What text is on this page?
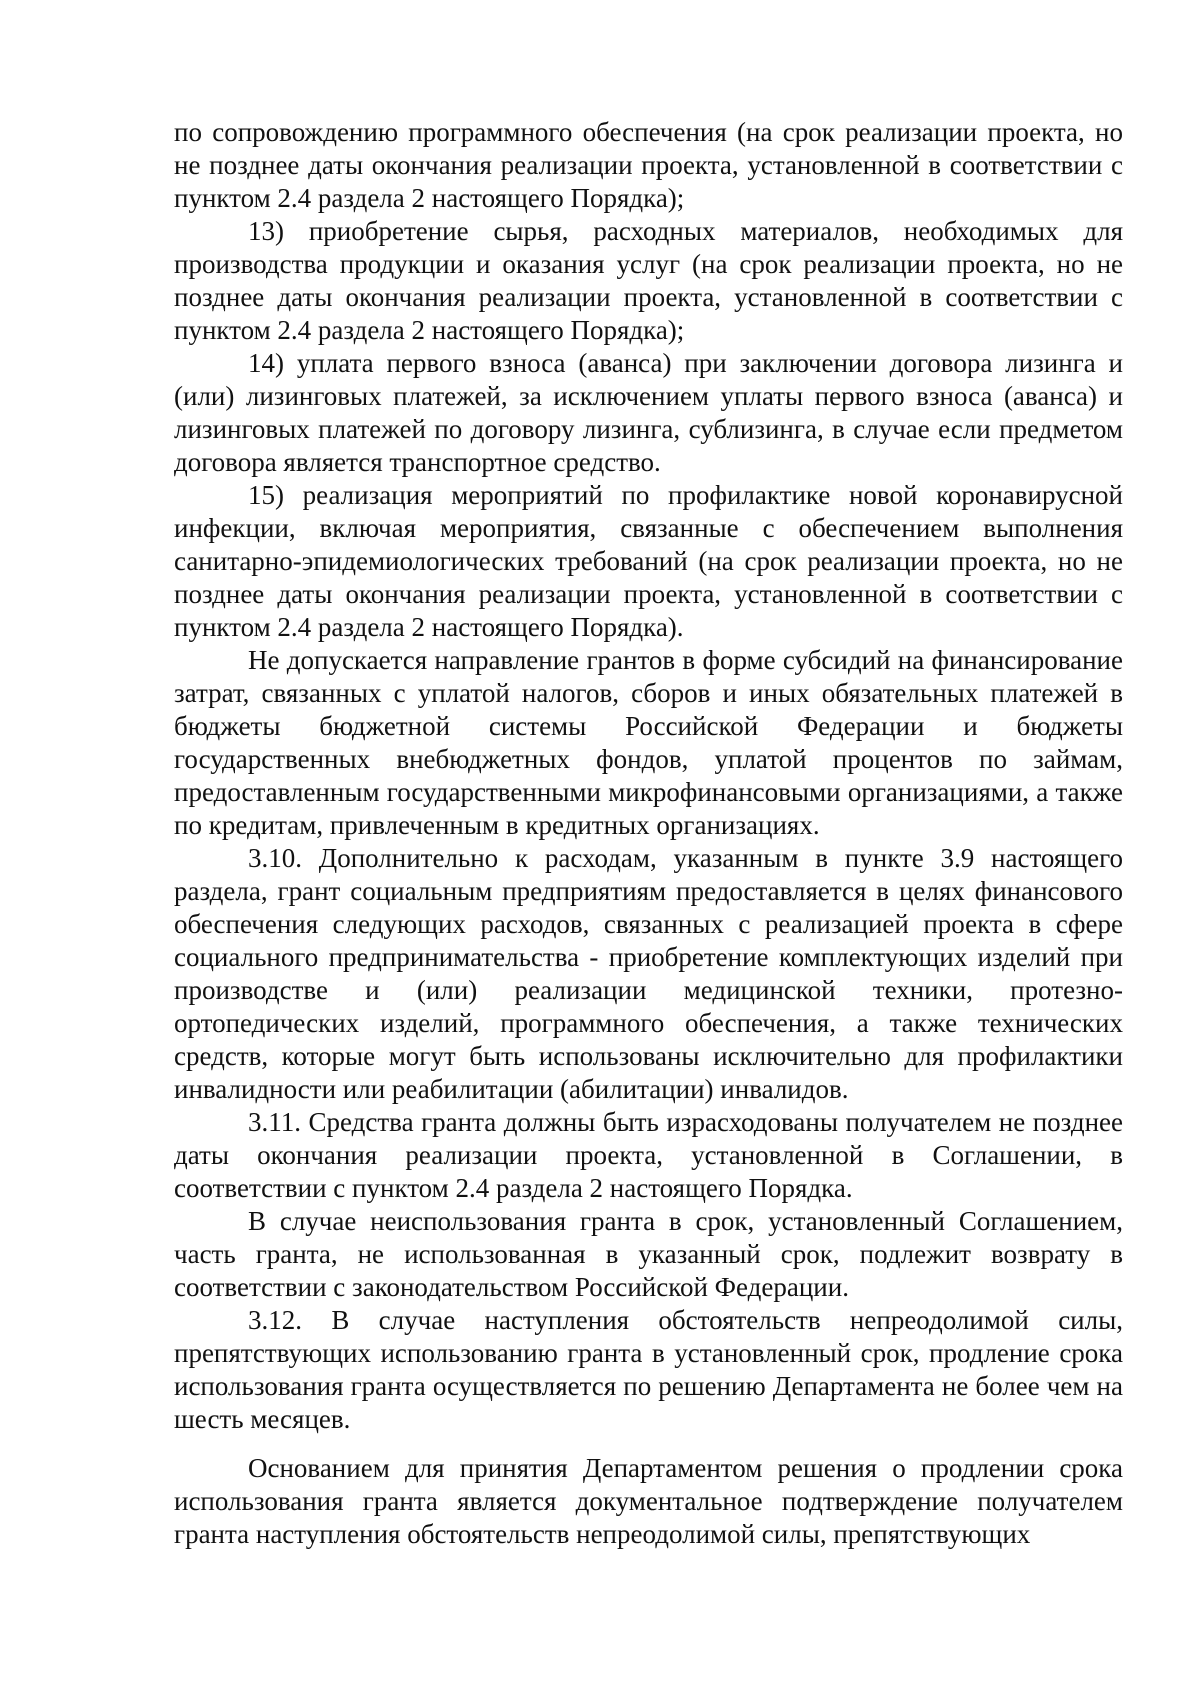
по сопровождению программного обеспечения (на срок реализации проекта, но не позднее даты окончания реализации проекта, установленной в соответствии с пунктом 2.4 раздела 2 настоящего Порядка);

13) приобретение сырья, расходных материалов, необходимых для производства продукции и оказания услуг (на срок реализации проекта, но не позднее даты окончания реализации проекта, установленной в соответствии с пунктом 2.4 раздела 2 настоящего Порядка);

14) уплата первого взноса (аванса) при заключении договора лизинга и (или) лизинговых платежей, за исключением уплаты первого взноса (аванса) и лизинговых платежей по договору лизинга, сублизинга, в случае если предметом договора является транспортное средство.

15) реализация мероприятий по профилактике новой коронавирусной инфекции, включая мероприятия, связанные с обеспечением выполнения санитарно-эпидемиологических требований (на срок реализации проекта, но не позднее даты окончания реализации проекта, установленной в соответствии с пунктом 2.4 раздела 2 настоящего Порядка).

Не допускается направление грантов в форме субсидий на финансирование затрат, связанных с уплатой налогов, сборов и иных обязательных платежей в бюджеты бюджетной системы Российской Федерации и бюджеты государственных внебюджетных фондов, уплатой процентов по займам, предоставленным государственными микрофинансовыми организациями, а также по кредитам, привлеченным в кредитных организациях.

3.10. Дополнительно к расходам, указанным в пункте 3.9 настоящего раздела, грант социальным предприятиям предоставляется в целях финансового обеспечения следующих расходов, связанных с реализацией проекта в сфере социального предпринимательства - приобретение комплектующих изделий при производстве и (или) реализации медицинской техники, протезно-ортопедических изделий, программного обеспечения, а также технических средств, которые могут быть использованы исключительно для профилактики инвалидности или реабилитации (абилитации) инвалидов.

3.11. Средства гранта должны быть израсходованы получателем не позднее даты окончания реализации проекта, установленной в Соглашении, в соответствии с пунктом 2.4 раздела 2 настоящего Порядка.

В случае неиспользования гранта в срок, установленный Соглашением, часть гранта, не использованная в указанный срок, подлежит возврату в соответствии с законодательством Российской Федерации.

3.12. В случае наступления обстоятельств непреодолимой силы, препятствующих использованию гранта в установленный срок, продление срока использования гранта осуществляется по решению Департамента не более чем на шесть месяцев.

Основанием для принятия Департаментом решения о продлении срока использования гранта является документальное подтверждение получателем гранта наступления обстоятельств непреодолимой силы, препятствующих
